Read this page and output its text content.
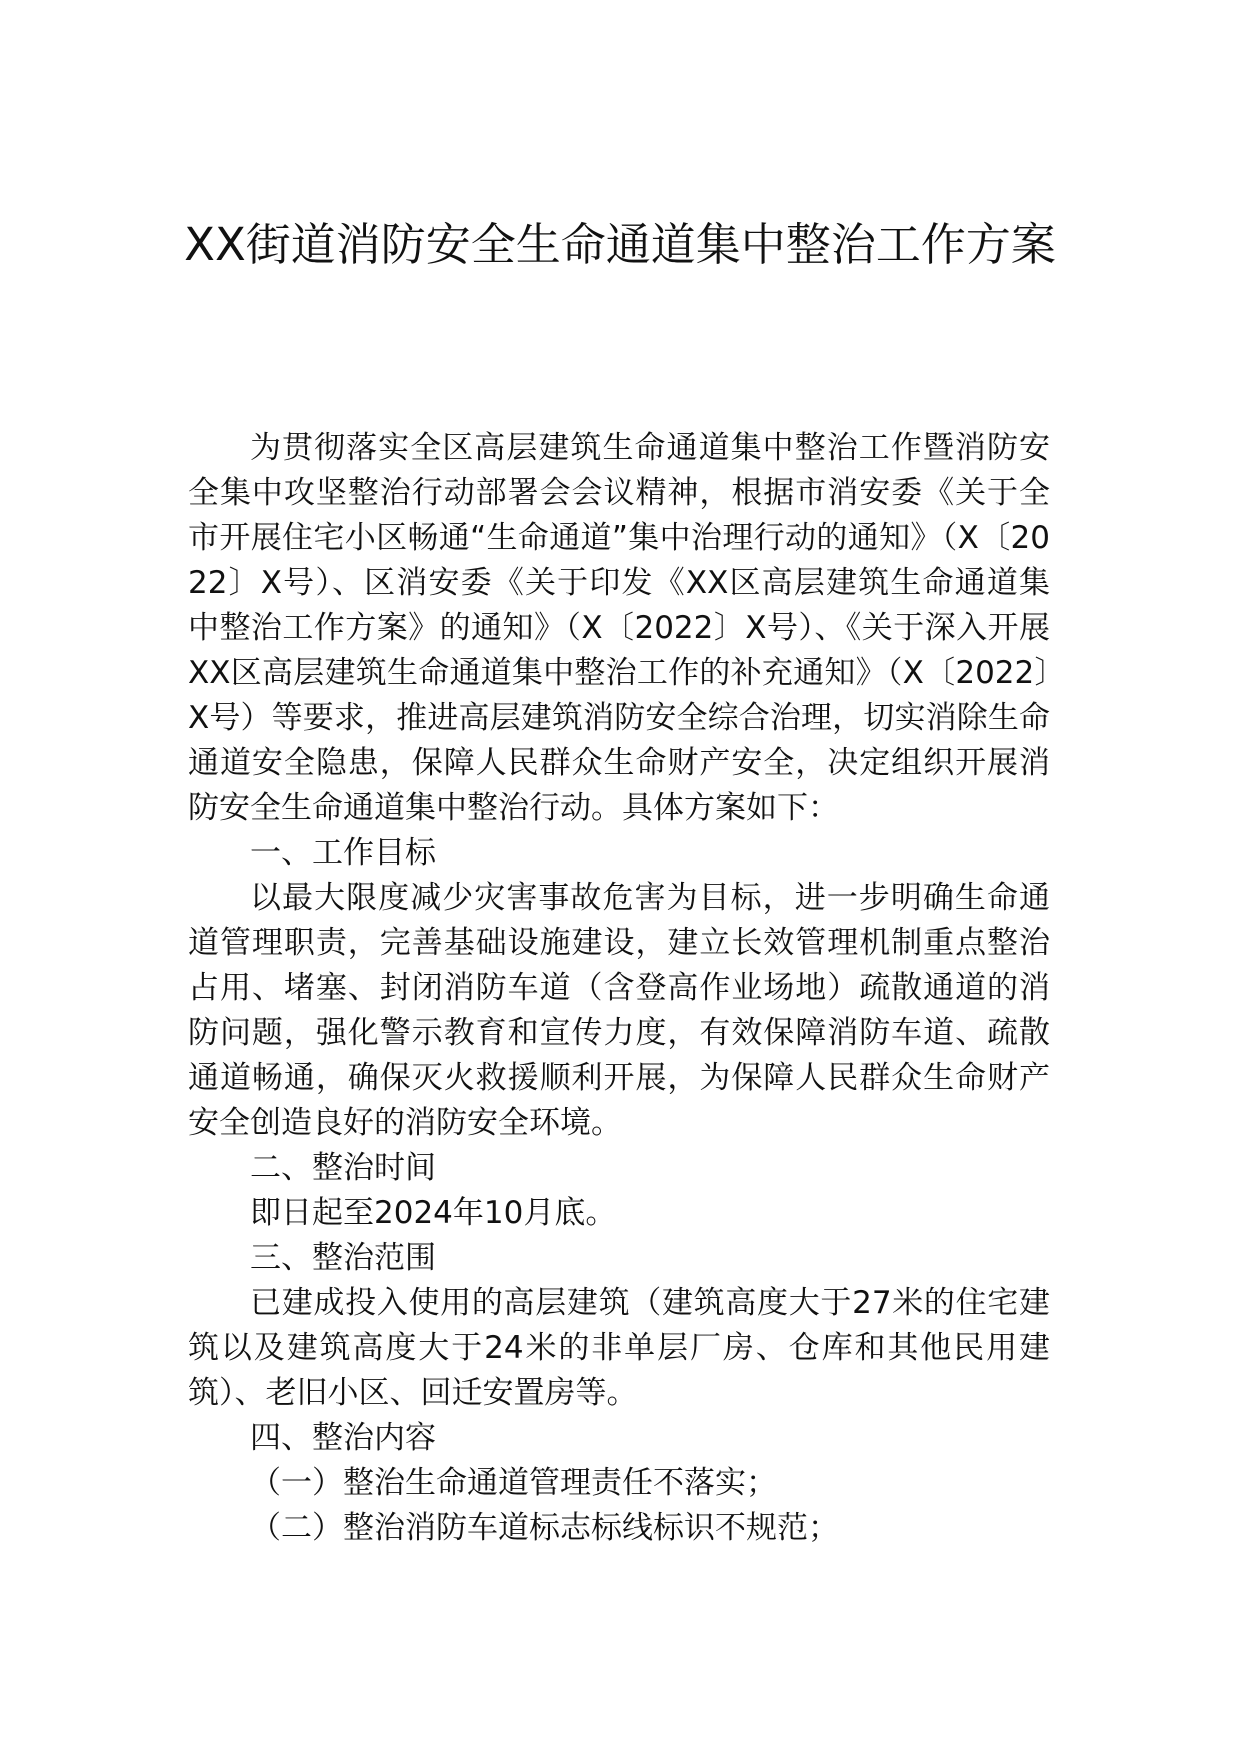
XX街道消防安全生命通道集中整治工作方案

为贯彻落实全区高层建筑生命通道集中整治工作暨消防安全集中攻坚整治行动部署会会议精神，根据市消安委《关于全市开展住宅小区畅通“生命通道”集中治理行动的通知》（X〔2022〕X号）、区消安委《关于印发《XX区高层建筑生命通道集中整治工作方案》的通知》（X〔2022〕X号）、《关于深入开展XX区高层建筑生命通道集中整治工作的补充通知》（X〔2022〕X号）等要求，推进高层建筑消防安全综合治理，切实消除生命通道安全隐患，保障人民群众生命财产安全，决定组织开展消防安全生命通道集中整治行动。具体方案如下：

一、工作目标

以最大限度减少灾害事故危害为目标，进一步明确生命通道管理职责，完善基础设施建设，建立长效管理机制重点整治占用、堵塞、封闭消防车道（含登高作业场地）疏散通道的消防问题，强化警示教育和宣传力度，有效保障消防车道、疏散通道畅通，确保灭火救援顺利开展，为保障人民群众生命财产安全创造良好的消防安全环境。

二、整治时间

即日起至2024年10月底。

三、整治范围

已建成投入使用的高层建筑（建筑高度大于27米的住宅建筑以及建筑高度大于24米的非单层厂房、仓库和其他民用建筑）、老旧小区、回迁安置房等。

四、整治内容

（一）整治生命通道管理责任不落实；

（二）整治消防车道标志标线标识不规范；
